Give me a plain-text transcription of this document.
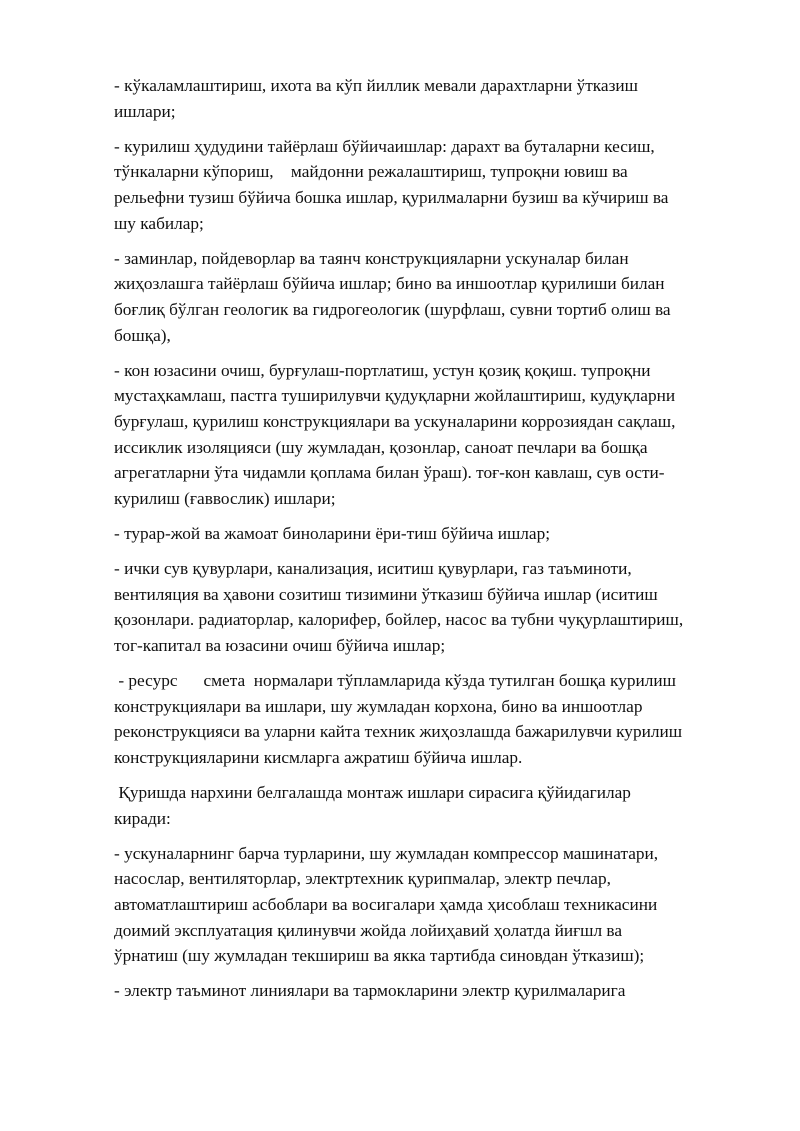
- кўкаламлаштириш, ихота ва кўп йиллик мевали дарахтларни ўтказиш
ишлари;

- курилиш ҳудудини тайёрлаш бўйичаишлар: дарахт ва буталарни кесиш,
тўнкаларни кўпориш,    майдонни режалаштириш, тупроқни ювиш ва
рельефни тузиш бўйича бошка ишлар, қурилмаларни бузиш ва кўчириш ва
шу кабилар;

- заминлар, пойдеворлар ва таянч конструкцияларни ускуналар билан
жиҳозлашга тайёрлаш бўйича ишлар; бино ва иншоотлар қурилиши билан
боғлиқ бўлган геологик ва гидрогеологик (шурфлаш, сувни тортиб олиш ва
бошқа),

- кон юзасини очиш, бурғулаш-портлатиш, устун қозиқ қоқиш. тупроқни
мустаҳкамлаш, пастга туширилувчи қудуқларни жойлаштириш, кудуқларни
бурғулаш, қурилиш конструкциялари ва ускуналарини коррозиядан сақлаш,
иссиклик изоляцияси (шу жумладан, қозонлар, саноат печлари ва бошқа
агрегатларни ўта чидамли қоплама билан ўраш). тоғ-кон кавлаш, сув ости-
курилиш (ғаввослик) ишлари;

- турар-жой ва жамоат биноларини ёри-тиш бўйича ишлар;

- ички сув қувурлари, канализация, иситиш қувурлари, газ таъминоти,
вентиляция ва ҳавони созитиш тизимини ўтказиш бўйича ишлар (иситиш
қозонлари. радиаторлар, калорифер, бойлер, насос ва тубни чуқурлаштириш,
тог-капитал ва юзасини очиш бўйича ишлар;

- ресурс      смета  нормалари тўпламларида кўзда тутилган бошқа курилиш
конструкциялари ва ишлари, шу жумладан корхона, бино ва иншоотлар
реконструкцияси ва уларни кайта техник жиҳозлашда бажарилувчи курилиш
конструкцияларини кисмларга ажратиш бўйича ишлар.

Қуришда нархини белгалашда монтаж ишлари сирасига қўйидагилар
киради:

- ускуналарнинг барча турларини, шу жумладан компрессор машинатари,
насослар, вентиляторлар, электртехник қурипмалар, электр печлар,
автоматлаштириш асбоблари ва восигалари ҳамда ҳисоблаш техникасини
доимий эксплуатация қилинувчи жойда лойиҳавий ҳолатда йиғшл ва
ўрнатиш (шу жумладан текшириш ва якка тартибда синовдан ўтказиш);

- электр таъминот линиялари ва тармокларини электр қурилмаларига
